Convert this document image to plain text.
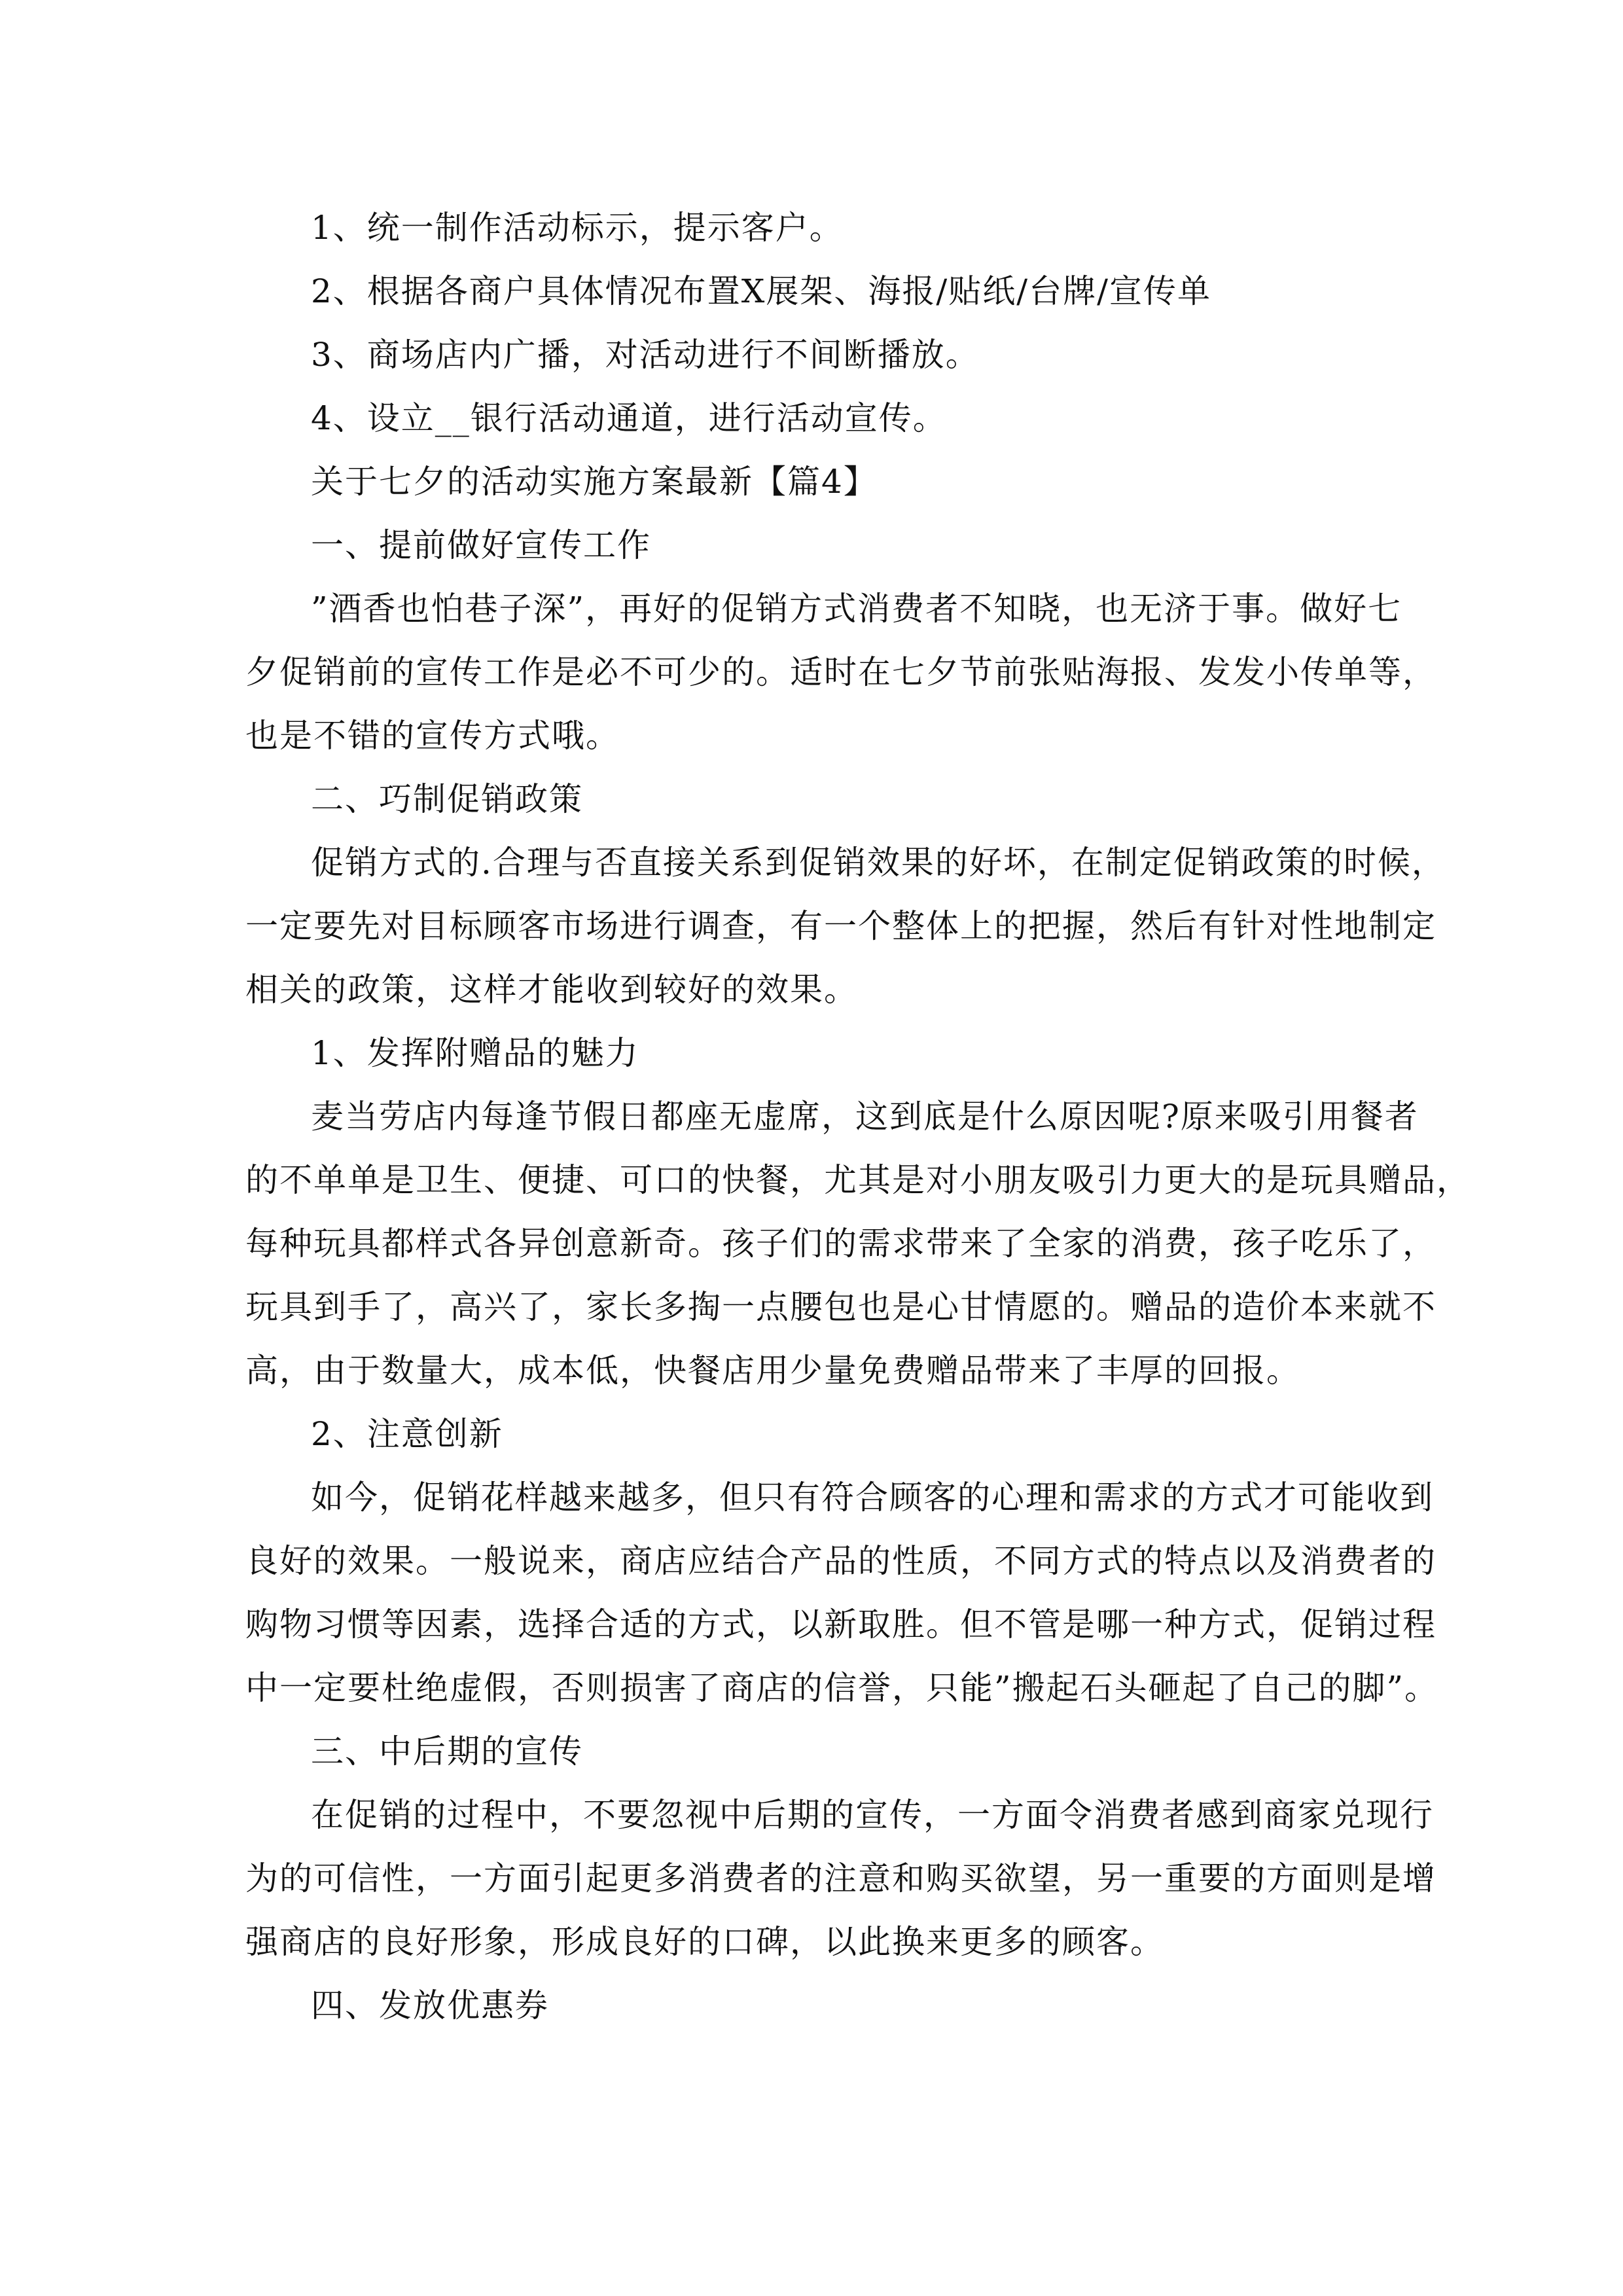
1、统一制作活动标示，提示客户。
2、根据各商户具体情况布置X展架、海报/贴纸/台牌/宣传单
3、商场店内广播，对活动进行不间断播放。
4、设立__银行活动通道，进行活动宣传。
关于七夕的活动实施方案最新【篇4】
一、提前做好宣传工作
”酒香也怕巷子深”，再好的促销方式消费者不知晓，也无济于事。做好七
夕促销前的宣传工作是必不可少的。适时在七夕节前张贴海报、发发小传单等，
也是不错的宣传方式哦。
二、巧制促销政策
促销方式的.合理与否直接关系到促销效果的好坏，在制定促销政策的时候，
一定要先对目标顾客市场进行调查，有一个整体上的把握，然后有针对性地制定
相关的政策，这样才能收到较好的效果。
1、发挥附赠品的魅力
麦当劳店内每逢节假日都座无虚席，这到底是什么原因呢?原来吸引用餐者
的不单单是卫生、便捷、可口的快餐，尤其是对小朋友吸引力更大的是玩具赠品，
每种玩具都样式各异创意新奇。孩子们的需求带来了全家的消费，孩子吃乐了，
玩具到手了，高兴了，家长多掏一点腰包也是心甘情愿的。赠品的造价本来就不
高，由于数量大，成本低，快餐店用少量免费赠品带来了丰厚的回报。
2、注意创新
如今，促销花样越来越多，但只有符合顾客的心理和需求的方式才可能收到
良好的效果。一般说来，商店应结合产品的性质，不同方式的特点以及消费者的
购物习惯等因素，选择合适的方式，以新取胜。但不管是哪一种方式，促销过程
中一定要杜绝虚假，否则损害了商店的信誉，只能”搬起石头砸起了自己的脚”。
三、中后期的宣传
在促销的过程中，不要忽视中后期的宣传，一方面令消费者感到商家兑现行
为的可信性，一方面引起更多消费者的注意和购买欲望，另一重要的方面则是增
强商店的良好形象，形成良好的口碑，以此换来更多的顾客。
四、发放优惠券
